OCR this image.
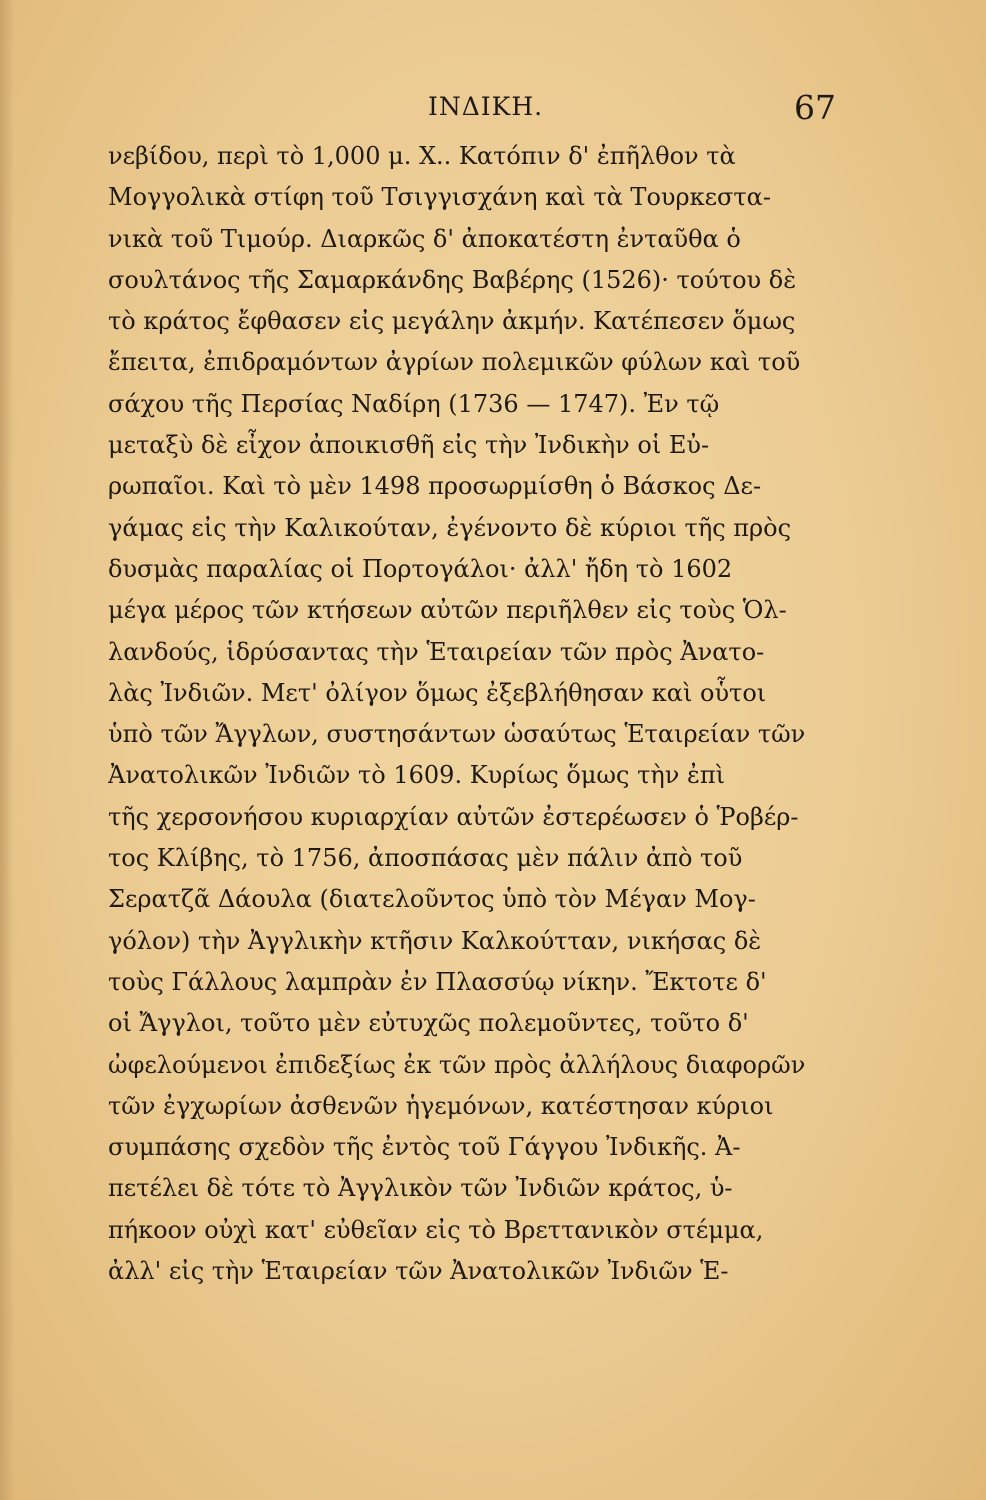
ΙΝΔΙΚΗ.	67
νεβίδου, περὶ τὸ 1,000 μ. Χ.. Κατόπιν δ' ἐπῆλθον τὰ
Μογγολικὰ στίφη τοῦ Τσιγγισχάνη καὶ τὰ Τουρκεστα-
νικὰ τοῦ Τιμούρ. Διαρκῶς δ' ἀποκατέστη ἐνταῦθα ὁ
σουλτάνος τῆς Σαμαρκάνδης Βαβέρης (1526)· τούτου δὲ
τὸ κράτος ἔφθασεν εἰς μεγάλην ἀκμήν. Κατέπεσεν ὅμως
ἔπειτα, ἐπιδραμόντων ἀγρίων πολεμικῶν φύλων καὶ τοῦ
σάχου τῆς Περσίας Ναδίρη (1736 — 1747). Ἐν τῷ
μεταξὺ δὲ εἶχον ἀποικισθῆ εἰς τὴν Ἰνδικὴν οἱ Εὐ-
ρωπαῖοι. Καὶ τὸ μὲν 1498 προσωρμίσθη ὁ Βάσκος Δε-
γάμας εἰς τὴν Καλικούταν, ἐγένοντο δὲ κύριοι τῆς πρὸς
δυσμὰς παραλίας οἱ Πορτογάλοι· ἀλλ' ἤδη τὸ 1602
μέγα μέρος τῶν κτήσεων αὐτῶν περιῆλθεν εἰς τοὺς Ὁλ-
λανδούς, ἱδρύσαντας τὴν Ἑταιρείαν τῶν πρὸς Ἀνατο-
λὰς Ἰνδιῶν. Μετ' ὀλίγον ὅμως ἐξεβλήθησαν καὶ οὗτοι
ὑπὸ τῶν Ἄγγλων, συστησάντων ὡσαύτως Ἑταιρείαν τῶν
Ἀνατολικῶν Ἰνδιῶν τὸ 1609. Κυρίως ὅμως τὴν ἐπὶ
τῆς χερσονήσου κυριαρχίαν αὐτῶν ἐστερέωσεν ὁ Ῥοβέρ-
τος Κλίβης, τὸ 1756, ἀποσπάσας μὲν πάλιν ἀπὸ τοῦ
Σερατζᾶ Δάουλα (διατελοῦντος ὑπὸ τὸν Μέγαν Μογ-
γόλον) τὴν Ἀγγλικὴν κτῆσιν Καλκούτταν, νικήσας δὲ
τοὺς Γάλλους λαμπρὰν ἐν Πλασσύῳ νίκην. Ἔκτοτε δ'
οἱ Ἄγγλοι, τοῦτο μὲν εὐτυχῶς πολεμοῦντες, τοῦτο δ'
ὠφελούμενοι ἐπιδεξίως ἐκ τῶν πρὸς ἀλλήλους διαφορῶν
τῶν ἐγχωρίων ἀσθενῶν ἡγεμόνων, κατέστησαν κύριοι
συμπάσης σχεδὸν τῆς ἐντὸς τοῦ Γάγγου Ἰνδικῆς. Ἀ-
πετέλει δὲ τότε τὸ Ἀγγλικὸν τῶν Ἰνδιῶν κράτος, ὑ-
πήκοον οὐχὶ κατ' εὐθεῖαν εἰς τὸ Βρεττανικὸν στέμμα,
ἀλλ' εἰς τὴν Ἑταιρείαν τῶν Ἀνατολικῶν Ἰνδιῶν Ἑ-
